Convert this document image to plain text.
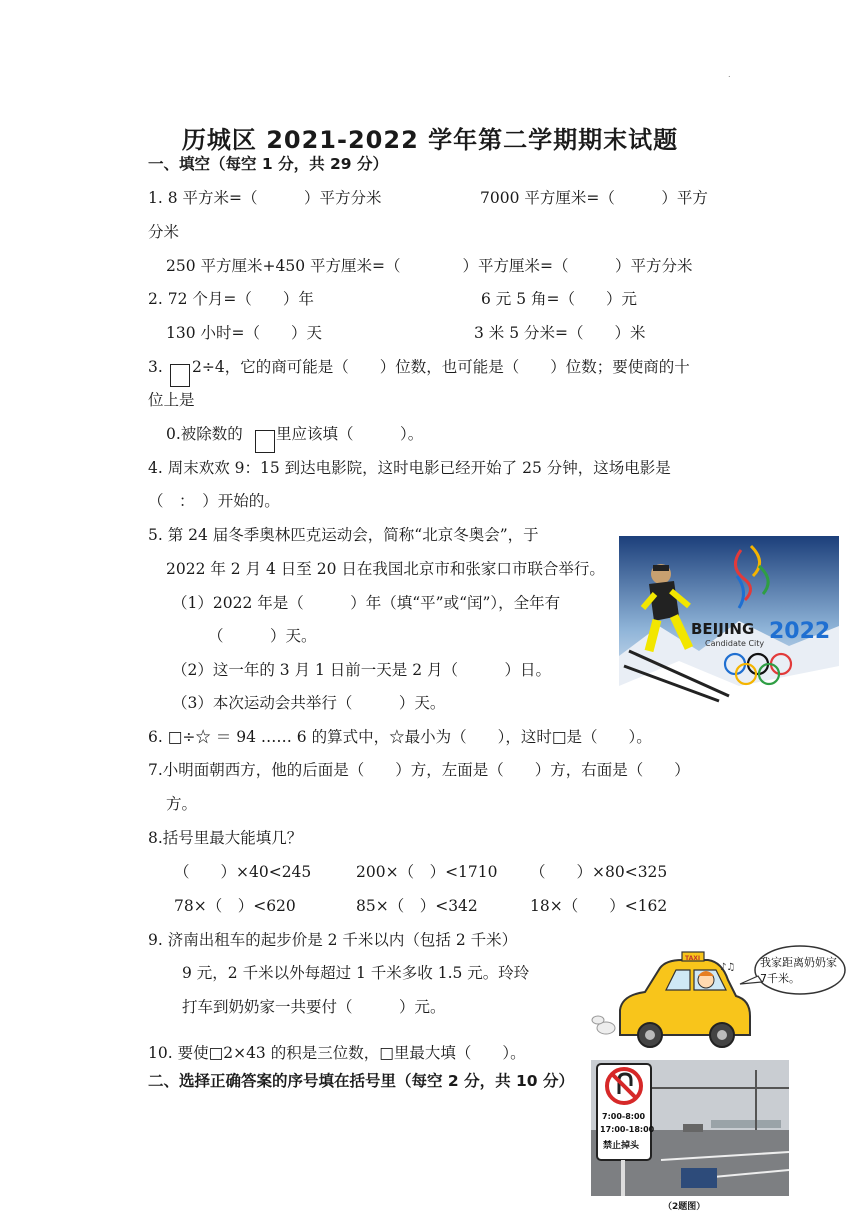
.
历城区 2021-2022 学年第二学期期末试题
一、填空（每空 1 分，共 29 分）
1. 8 平方米=（　　　）平方分米	7000 平方厘米=（　　　）平方
分米
250 平方厘米+450 平方厘米=（　　　　）平方厘米=（　　　）平方分米
2. 72 个月=（　　）年	6 元 5 角=（　　）元
130 小时=（　　）天	3 米 5 分米=（　　）米
3. 2÷4，它的商可能是（　　）位数，也可能是（　　）位数；要使商的十
位上是
0.被除数的 里应该填（　　　）。
4. 周末欢欢 9：15 到达电影院，这时电影已经开始了 25 分钟，这场电影是
（　：　）开始的。
5. 第 24 届冬季奥林匹克运动会，简称“北京冬奥会”，于
2022 年 2 月 4 日至 20 日在我国北京市和张家口市联合举行。
（1）2022 年是（　　　）年（填“平”或“闰”），全年有
（　　　）天。
（2）这一年的 3 月 1 日前一天是 2 月（　　　）日。
（3）本次运动会共举行（　　　）天。
BEIJING
Candidate City 2022
6. □÷☆ ＝ 94 …… 6 的算式中，☆最小为（　　），这时□是（　　）。
7.小明面朝西方，他的后面是（　　）方，左面是（　　）方，右面是（　　）
方。
8.括号里最大能填几？
（　　）×40<245	200×（　）<1710 （　　）×80<325
78×（　）<620	85×（　）<342	18×（　　）<162
9. 济南出租车的起步价是 2 千米以内（包括 2 千米）
9 元，2 千米以外每超过 1 千米多收 1.5 元。玲玲
打车到奶奶家一共要付（　　　）元。
我家距离奶奶家
7千米。
TAXI
♪♫
10. 要使□2×43 的积是三位数，□里最大填（　　）。
二、选择正确答案的序号填在括号里（每空 2 分，共 10 分）
7:00-8:00
17:00-18:00
禁止掉头
（2题图）
